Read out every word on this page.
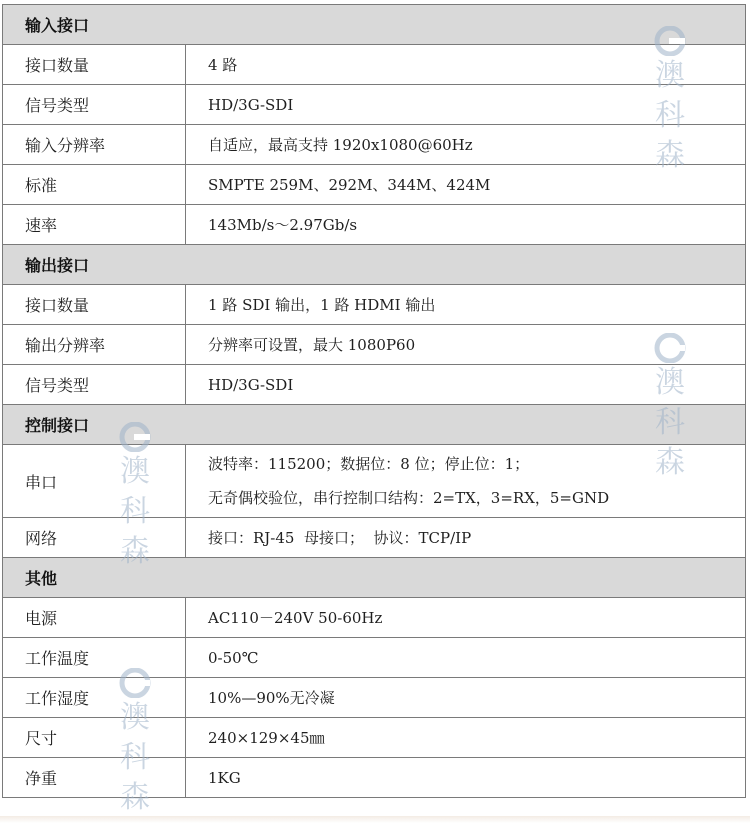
输入接口	
接口数量	4 路
信号类型	HD/3G-SDI
输入分辨率	自适应，最高支持 1920x1080@60Hz
标准	SMPTE 259M、292M、344M、424M
速率	143Mb/s～2.97Gb/s
输出接口	
接口数量	1 路 SDI 输出，1 路 HDMI 输出
输出分辨率	分辨率可设置，最大 1080P60
信号类型	HD/3G-SDI
控制接口	
串口	波特率：115200；数据位：8 位；停止位：1；
无奇偶校验位，串行控制口结构：2=TX，3=RX，5=GND

网络	接口：RJ-45  母接口；  协议：TCP/IP
其他	
电源	AC110－240V 50-60Hz
工作温度	0-50℃
工作湿度	10%—90%无冷凝
尺寸	240×129×45㎜
净重	1KG
澳
科
森
澳
科
森
澳
科
森
澳
科
森
